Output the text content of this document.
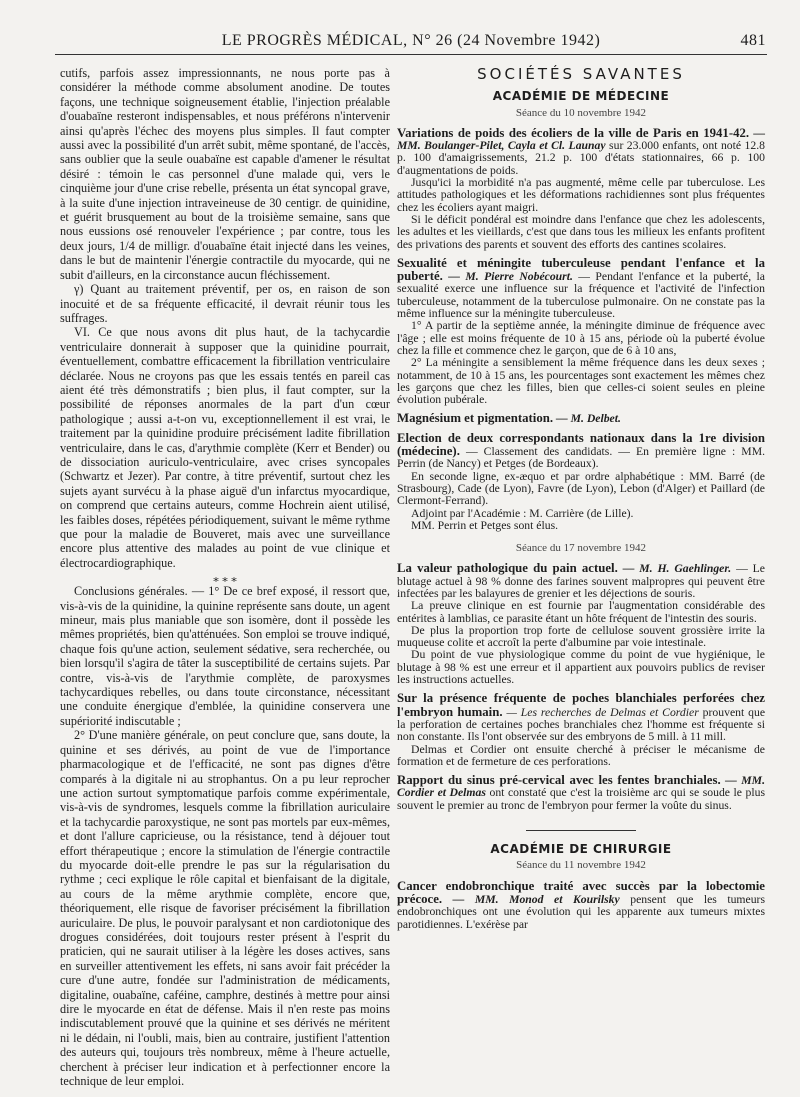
LE PROGRÈS MÉDICAL, N° 26 (24 Novembre 1942)	481

cutifs, parfois assez impressionnants, ne nous porte pas à considérer la méthode comme absolument anodine. De toutes façons, une technique soigneusement établie, l'injection préalable d'ouabaïne resteront indispensables, et nous préférons n'intervenir ainsi qu'après l'échec des moyens plus simples. Il faut compter aussi avec la possibilité d'un arrêt subit, même spontané, de l'accès, sans oublier que la seule ouabaïne est capable d'amener le résultat désiré : témoin le cas personnel d'une malade qui, vers le cinquième jour d'une crise rebelle, présenta un état syncopal grave, à la suite d'une injection intraveineuse de 30 centigr. de quinidine, et guérit brusquement au bout de la troisième semaine, sans que nous eussions osé renouveler l'expérience ; par contre, tous les deux jours, 1/4 de milligr. d'ouabaïne était injecté dans les veines, dans le but de maintenir l'énergie contractile du myocarde, qui ne subit d'ailleurs, en la circonstance aucun fléchissement.

γ) Quant au traitement préventif, per os, en raison de son inocuité et de sa fréquente efficacité, il devrait réunir tous les suffrages.

VI. Ce que nous avons dit plus haut, de la tachycardie ventriculaire donnerait à supposer que la quinidine pourrait, éventuellement, combattre efficacement la fibrillation ventriculaire déclarée. Nous ne croyons pas que les essais tentés en pareil cas aient été très démonstratifs ; bien plus, il faut compter, sur la possibilité de réponses anormales de la part d'un cœur pathologique ; aussi a-t-on vu, exceptionnellement il est vrai, le traitement par la quinidine produire précisément ladite fibrillation ventriculaire, dans le cas, d'arythmie complète (Kerr et Bender) ou de dissociation auriculo-ventriculaire, avec crises syncopales (Schwartz et Jezer). Par contre, à titre préventif, surtout chez les sujets ayant survécu à la phase aiguë d'un infarctus myocardique, on comprend que certains auteurs, comme Hochrein aient utilisé, les faibles doses, répétées périodiquement, suivant le même rythme que pour la maladie de Bouveret, mais avec une surveillance encore plus attentive des malades au point de vue clinique et électrocardiographique.

⁎ ⁎ ⁎

Conclusions générales. — 1° De ce bref exposé, il ressort que, vis-à-vis de la quinidine, la quinine représente sans doute, un agent mineur, mais plus maniable que son isomère, dont il possède les mêmes propriétés, bien qu'atténuées. Son emploi se trouve indiqué, chaque fois qu'une action, seulement sédative, sera recherchée, ou bien lorsqu'il s'agira de tâter la susceptibilité de certains sujets. Par contre, vis-à-vis de l'arythmie complète, de paroxysmes tachycardiques rebelles, ou dans toute circonstance, nécessitant une conduite énergique d'emblée, la quinidine conservera une supériorité indiscutable ;

2° D'une manière générale, on peut conclure que, sans doute, la quinine et ses dérivés, au point de vue de l'importance pharmacologique et de l'efficacité, ne sont pas dignes d'être comparés à la digitale ni au strophantus. On a pu leur reprocher une action surtout symptomatique parfois comme expérimentale, vis-à-vis de syndromes, lesquels comme la fibrillation auriculaire et la tachycardie paroxystique, ne sont pas mortels par eux-mêmes, et dont l'allure capricieuse, ou la résistance, tend à déjouer tout effort thérapeutique ; encore la stimulation de l'énergie contractile du myocarde doit-elle prendre le pas sur la régularisation du rythme ; ceci explique le rôle capital et bienfaisant de la digitale, au cours de la même arythmie complète, encore que, théoriquement, elle risque de favoriser précisément la fibrillation auriculaire. De plus, le pouvoir paralysant et non cardiotonique des drogues considérées, doit toujours rester présent à l'esprit du praticien, qui ne saurait utiliser à la légère les doses actives, sans en surveiller attentivement les effets, ni sans avoir fait précéder la cure d'une autre, fondée sur l'administration de médicaments, digitaline, ouabaïne, caféine, camphre, destinés à mettre pour ainsi dire le myocarde en état de défense. Mais il n'en reste pas moins indiscutablement prouvé que la quinine et ses dérivés ne méritent ni le dédain, ni l'oubli, mais, bien au contraire, justifient l'attention des auteurs qui, toujours très nombreux, même à l'heure actuelle, cherchent à préciser leur indication et à perfectionner encore la technique de leur emploi.

SOCIÉTÉS SAVANTES
ACADÉMIE DE MÉDECINE
Séance du 10 novembre 1942

Variations de poids des écoliers de la ville de Paris en 1941-42. — MM. Boulanger-Pilet, Cayla et Cl. Launay sur 23.000 enfants, ont noté 12.8 p. 100 d'amaigrissements, 21.2 p. 100 d'états stationnaires, 66 p. 100 d'augmentations de poids.

Jusqu'ici la morbidité n'a pas augmenté, même celle par tuberculose. Les attitudes pathologiques et les déformations rachidiennes sont plus fréquentes chez les écoliers ayant maigri.

Si le déficit pondéral est moindre dans l'enfance que chez les adolescents, les adultes et les vieillards, c'est que dans tous les milieux les enfants profitent des privations des parents et souvent des efforts des cantines scolaires.

Sexualité et méningite tuberculeuse pendant l'enfance et la puberté. — M. Pierre Nobécourt. — Pendant l'enfance et la puberté, la sexualité exerce une influence sur la fréquence et l'activité de l'infection tuberculeuse, notamment de la tuberculose pulmonaire. On ne constate pas la même influence sur la méningite tuberculeuse.

1° A partir de la septième année, la méningite diminue de fréquence avec l'âge ; elle est moins fréquente de 10 à 15 ans, période où la puberté évolue chez la fille et commence chez le garçon, que de 6 à 10 ans,

2° La méningite a sensiblement la même fréquence dans les deux sexes ; notamment, de 10 à 15 ans, les pourcentages sont exactement les mêmes chez les garçons que chez les filles, bien que celles-ci soient seules en pleine évolution pubérale.

Magnésium et pigmentation. — M. Delbet.

Election de deux correspondants nationaux dans la 1re division (médecine). — Classement des candidats. — En première ligne : MM. Perrin (de Nancy) et Petges (de Bordeaux).

En seconde ligne, ex-æquo et par ordre alphabétique : MM. Barré (de Strasbourg), Cade (de Lyon), Favre (de Lyon), Lebon (d'Alger) et Paillard (de Clermont-Ferrand).

Adjoint par l'Académie : M. Carrière (de Lille).

MM. Perrin et Petges sont élus.

Séance du 17 novembre 1942

La valeur pathologique du pain actuel. — M. H. Gaehlinger. — Le blutage actuel à 98 % donne des farines souvent malpropres qui peuvent être infectées par les balayures de grenier et les déjections de souris.

La preuve clinique en est fournie par l'augmentation considérable des entérites à lamblias, ce parasite étant un hôte fréquent de l'intestin des souris.

De plus la proportion trop forte de cellulose souvent grossière irrite la muqueuse colite et accroît la perte d'albumine par voie intestinale.

Du point de vue physiologique comme du point de vue hygiénique, le blutage à 98 % est une erreur et il appartient aux pouvoirs publics de reviser les instructions actuelles.

Sur la présence fréquente de poches blanchiales perforées chez l'embryon humain. — Les recherches de Delmas et Cordier prouvent que la perforation de certaines poches branchiales chez l'homme est fréquente si non constante. Ils l'ont observée sur des embryons de 5 mill. à 11 mill.

Delmas et Cordier ont ensuite cherché à préciser le mécanisme de formation et de fermeture de ces perforations.

Rapport du sinus pré-cervical avec les fentes branchiales. — MM. Cordier et Delmas ont constaté que c'est la troisième arc qui se soude le plus souvent le premier au tronc de l'embryon pour fermer la voûte du sinus.

ACADÉMIE DE CHIRURGIE
Séance du 11 novembre 1942

Cancer endobronchique traité avec succès par la lobectomie précoce. — MM. Monod et Kourilsky pensent que les tumeurs endobronchiques ont une évolution qui les apparente aux tumeurs mixtes parotidiennes. L'exérèse par
